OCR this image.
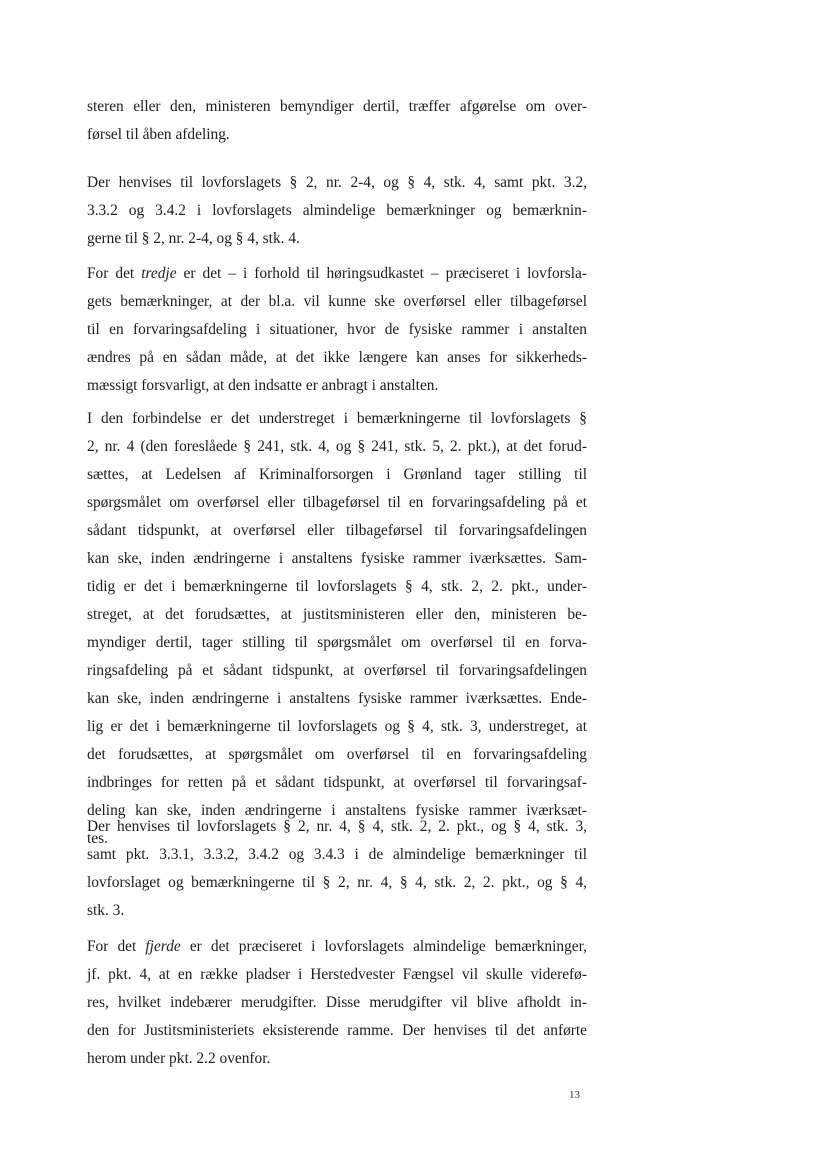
steren eller den, ministeren bemyndiger dertil, træffer afgørelse om over-
førsel til åben afdeling.
Der henvises til lovforslagets § 2, nr. 2-4, og § 4, stk. 4, samt pkt. 3.2,
3.3.2 og 3.4.2 i lovforslagets almindelige bemærkninger og bemærknin-
gerne til § 2, nr. 2-4, og § 4, stk. 4.
For det tredje er det – i forhold til høringsudkastet – præciseret i lovforsla-
gets bemærkninger, at der bl.a. vil kunne ske overførsel eller tilbageførsel
til en forvaringsafdeling i situationer, hvor de fysiske rammer i anstalten
ændres på en sådan måde, at det ikke længere kan anses for sikkerheds-
mæssigt forsvarligt, at den indsatte er anbragt i anstalten.
I den forbindelse er det understreget i bemærkningerne til lovforslagets §
2, nr. 4 (den foreslåede § 241, stk. 4, og § 241, stk. 5, 2. pkt.), at det forud-
sættes, at Ledelsen af Kriminalforsorgen i Grønland tager stilling til
spørgsmålet om overførsel eller tilbageførsel til en forvaringsafdeling på et
sådant tidspunkt, at overførsel eller tilbageførsel til forvaringsafdelingen
kan ske, inden ændringerne i anstaltens fysiske rammer iværksættes. Sam-
tidig er det i bemærkningerne til lovforslagets § 4, stk. 2, 2. pkt., under-
streget, at det forudsættes, at justitsministeren eller den, ministeren be-
myndiger dertil, tager stilling til spørgsmålet om overførsel til en forva-
ringsafdeling på et sådant tidspunkt, at overførsel til forvaringsafdelingen
kan ske, inden ændringerne i anstaltens fysiske rammer iværksættes. Ende-
lig er det i bemærkningerne til lovforslagets og § 4, stk. 3, understreget, at
det forudsættes, at spørgsmålet om overførsel til en forvaringsafdeling
indbringes for retten på et sådant tidspunkt, at overførsel til forvaringsaf-
deling kan ske, inden ændringerne i anstaltens fysiske rammer iværksæt-
tes.
Der henvises til lovforslagets § 2, nr. 4, § 4, stk. 2, 2. pkt., og § 4, stk. 3,
samt pkt. 3.3.1, 3.3.2, 3.4.2 og 3.4.3 i de almindelige bemærkninger til
lovforslaget og bemærkningerne til § 2, nr. 4, § 4, stk. 2, 2. pkt., og § 4,
stk. 3.
For det fjerde er det præciseret i lovforslagets almindelige bemærkninger,
jf. pkt. 4, at en række pladser i Herstedvester Fængsel vil skulle viderefø-
res, hvilket indebærer merudgifter. Disse merudgifter vil blive afholdt in-
den for Justitsministeriets eksisterende ramme. Der henvises til det anførte
herom under pkt. 2.2 ovenfor.
13
